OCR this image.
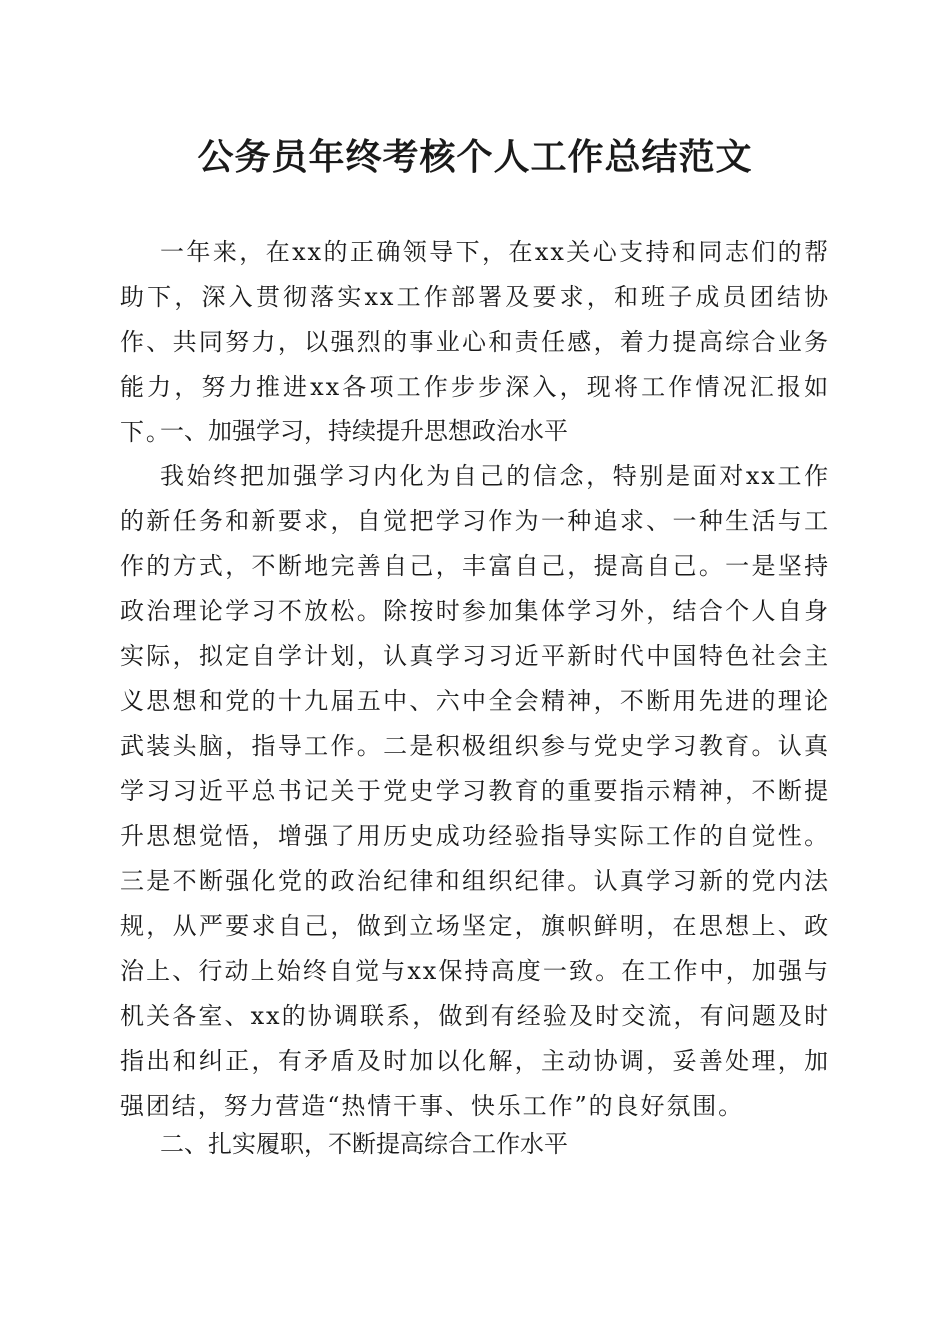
公务员年终考核个人工作总结范文

一年来，在xx的正确领导下，在xx关心支持和同志们的帮助下，深入贯彻落实xx工作部署及要求，和班子成员团结协作、共同努力，以强烈的事业心和责任感，着力提高综合业务能力，努力推进xx各项工作步步深入，现将工作情况汇报如下。

一、加强学习，持续提升思想政治水平

我始终把加强学习内化为自己的信念，特别是面对xx工作的新任务和新要求，自觉把学习作为一种追求、一种生活与工作的方式，不断地完善自己，丰富自己，提高自己。一是坚持政治理论学习不放松。除按时参加集体学习外，结合个人自身实际，拟定自学计划，认真学习习近平新时代中国特色社会主义思想和党的十九届五中、六中全会精神，不断用先进的理论武装头脑，指导工作。二是积极组织参与党史学习教育。认真学习习近平总书记关于党史学习教育的重要指示精神，不断提升思想觉悟，增强了用历史成功经验指导实际工作的自觉性。三是不断强化党的政治纪律和组织纪律。认真学习新的党内法规，从严要求自己，做到立场坚定，旗帜鲜明，在思想上、政治上、行动上始终自觉与xx保持高度一致。在工作中，加强与机关各室、xx的协调联系，做到有经验及时交流，有问题及时指出和纠正，有矛盾及时加以化解，主动协调，妥善处理，加强团结，努力营造“热情干事、快乐工作”的良好氛围。

二、扎实履职，不断提高综合工作水平
